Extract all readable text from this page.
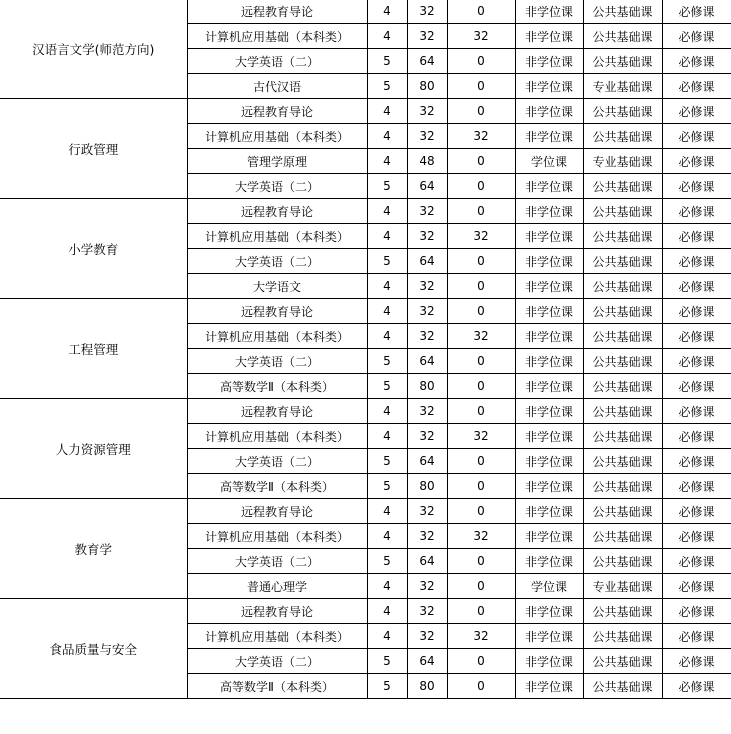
汉语言文学(师范方向)	远程教育导论	4	32	0	非学位课	公共基础课	必修课
	计算机应用基础（本科类）	4	32	32	非学位课	公共基础课	必修课
	大学英语（二）	5	64	0	非学位课	公共基础课	必修课
	古代汉语	5	80	0	非学位课	专业基础课	必修课
行政管理	远程教育导论	4	32	0	非学位课	公共基础课	必修课
	计算机应用基础（本科类）	4	32	32	非学位课	公共基础课	必修课
	管理学原理	4	48	0	学位课	专业基础课	必修课
	大学英语（二）	5	64	0	非学位课	公共基础课	必修课
小学教育	远程教育导论	4	32	0	非学位课	公共基础课	必修课
	计算机应用基础（本科类）	4	32	32	非学位课	公共基础课	必修课
	大学英语（二）	5	64	0	非学位课	公共基础课	必修课
	大学语文	4	32	0	非学位课	公共基础课	必修课
工程管理	远程教育导论	4	32	0	非学位课	公共基础课	必修课
	计算机应用基础（本科类）	4	32	32	非学位课	公共基础课	必修课
	大学英语（二）	5	64	0	非学位课	公共基础课	必修课
	高等数学Ⅱ（本科类）	5	80	0	非学位课	公共基础课	必修课
人力资源管理	远程教育导论	4	32	0	非学位课	公共基础课	必修课
	计算机应用基础（本科类）	4	32	32	非学位课	公共基础课	必修课
	大学英语（二）	5	64	0	非学位课	公共基础课	必修课
	高等数学Ⅱ（本科类）	5	80	0	非学位课	公共基础课	必修课
教育学	远程教育导论	4	32	0	非学位课	公共基础课	必修课
	计算机应用基础（本科类）	4	32	32	非学位课	公共基础课	必修课
	大学英语（二）	5	64	0	非学位课	公共基础课	必修课
	普通心理学	4	32	0	学位课	专业基础课	必修课
食品质量与安全	远程教育导论	4	32	0	非学位课	公共基础课	必修课
	计算机应用基础（本科类）	4	32	32	非学位课	公共基础课	必修课
	大学英语（二）	5	64	0	非学位课	公共基础课	必修课
	高等数学Ⅱ（本科类）	5	80	0	非学位课	公共基础课	必修课
